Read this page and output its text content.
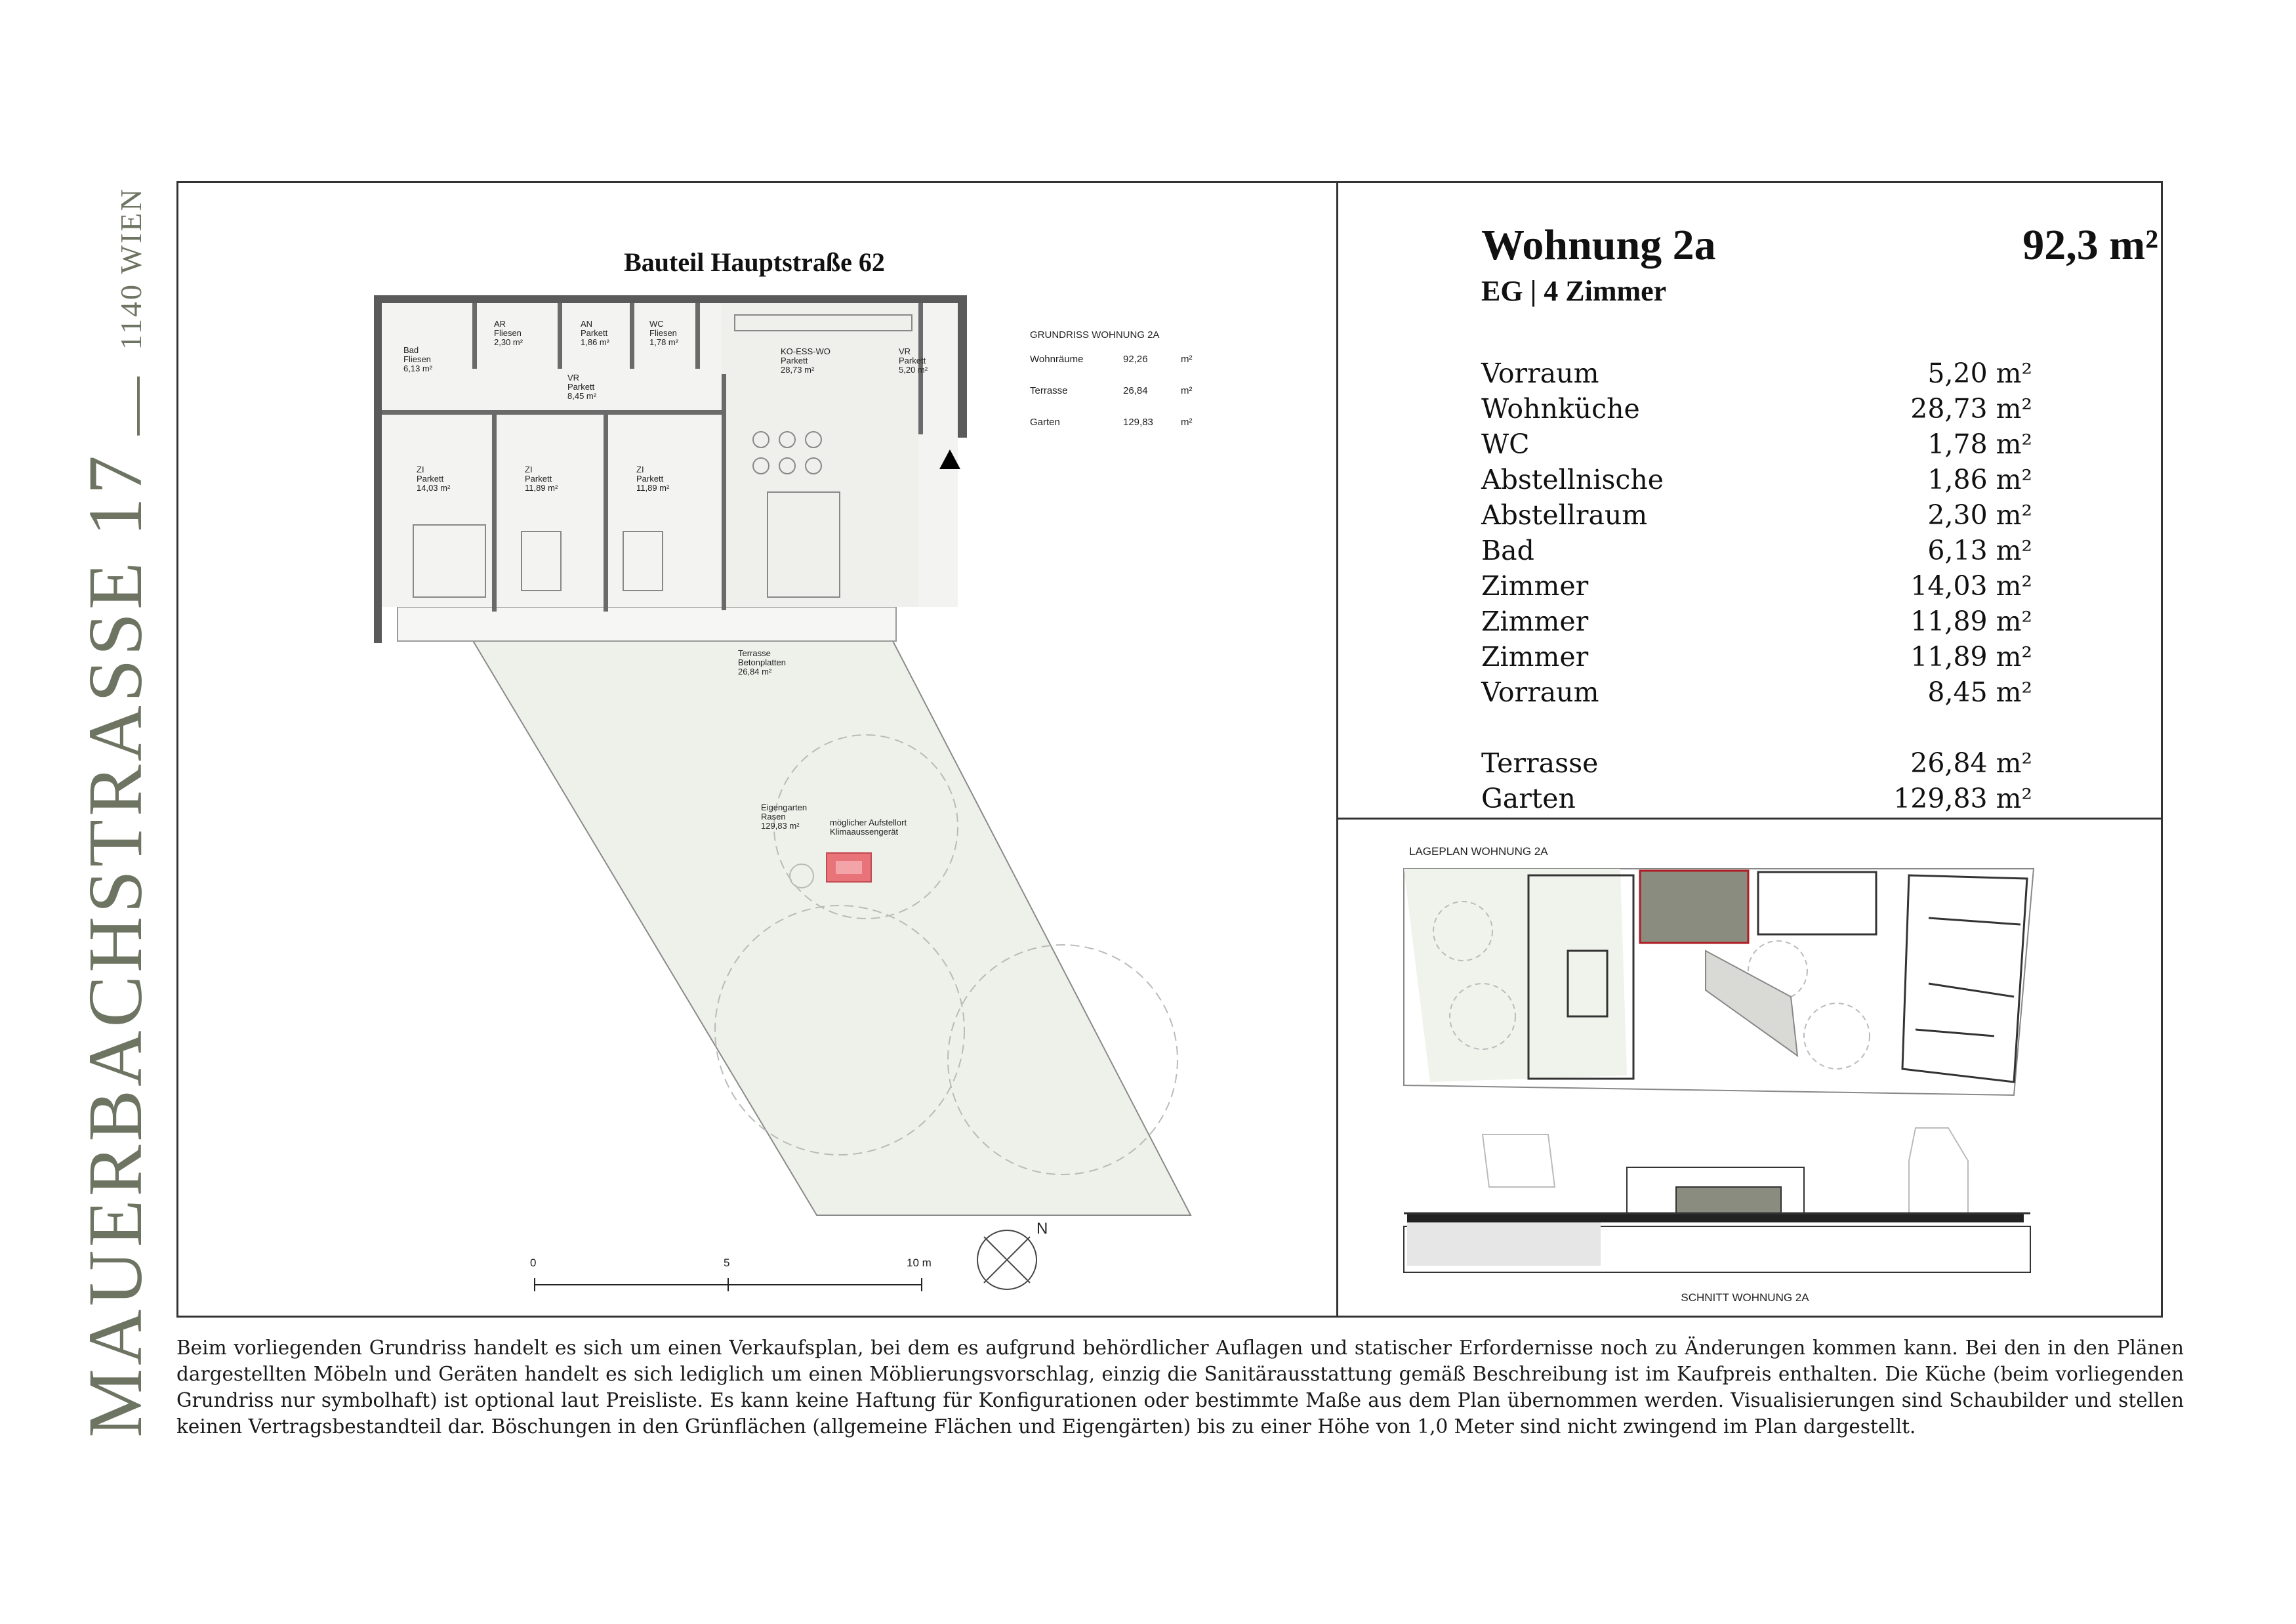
MAUERBACHSTRASSE 171140 WIEN	Bauteil Hauptstraße 62
Bad
Fliesen
6,13 m²
AR
Fliesen
2,30 m²
AN
Parkett
1,86 m²
WC
Fliesen
1,78 m²
KO-ESS-WO
Parkett
28,73 m²
VR
Parkett
5,20 m²
VR
Parkett
8,45 m²
ZI
Parkett
14,03 m²
ZI
Parkett
11,89 m²
ZI
Parkett
11,89 m²
Terrasse
Betonplatten
26,84 m²
Eigengarten
Rasen
129,83 m²	möglicher Aufstellort
Klimaaussengerät
GRUNDRISS WOHNUNG 2A
Wohnräume	92,26	m²
Terrasse	26,84	m²
Garten	129,83	m²
0	5	10 m
N
Wohnung 2a	92,3 m²
EG | 4 Zimmer
Vorraum	5,20 m²
Wohnküche	28,73 m²
WC	1,78 m²
Abstellnische	1,86 m²
Abstellraum	2,30 m²
Bad	6,13 m²
Zimmer	14,03 m²
Zimmer	11,89 m²
Zimmer	11,89 m²
Vorraum	8,45 m²
Terrasse	26,84 m²
Garten	129,83 m²
LAGEPLAN WOHNUNG 2A
SCHNITT WOHNUNG 2A
Beim vorliegenden Grundriss handelt es sich um einen Verkaufsplan, bei dem es aufgrund behördlicher Auflagen und statischer Erfordernisse noch zu Änderungen kommen kann. Bei den in den Plänen dargestellten Möbeln und Geräten handelt es sich lediglich um einen Möblierungsvorschlag, einzig die Sanitärausstattung gemäß Beschreibung ist im Kaufpreis enthalten. Die Küche (beim vorliegenden Grundriss nur symbolhaft) ist optional laut Preisliste. Es kann keine Haftung für Konfigurationen oder bestimmte Maße aus dem Plan übernommen werden. Visualisierungen sind Schaubilder und stellen keinen Vertragsbestandteil dar. Böschungen in den Grünflächen (allgemeine Flächen und Eigengärten) bis zu einer Höhe von 1,0 Meter sind nicht zwingend im Plan dargestellt.
